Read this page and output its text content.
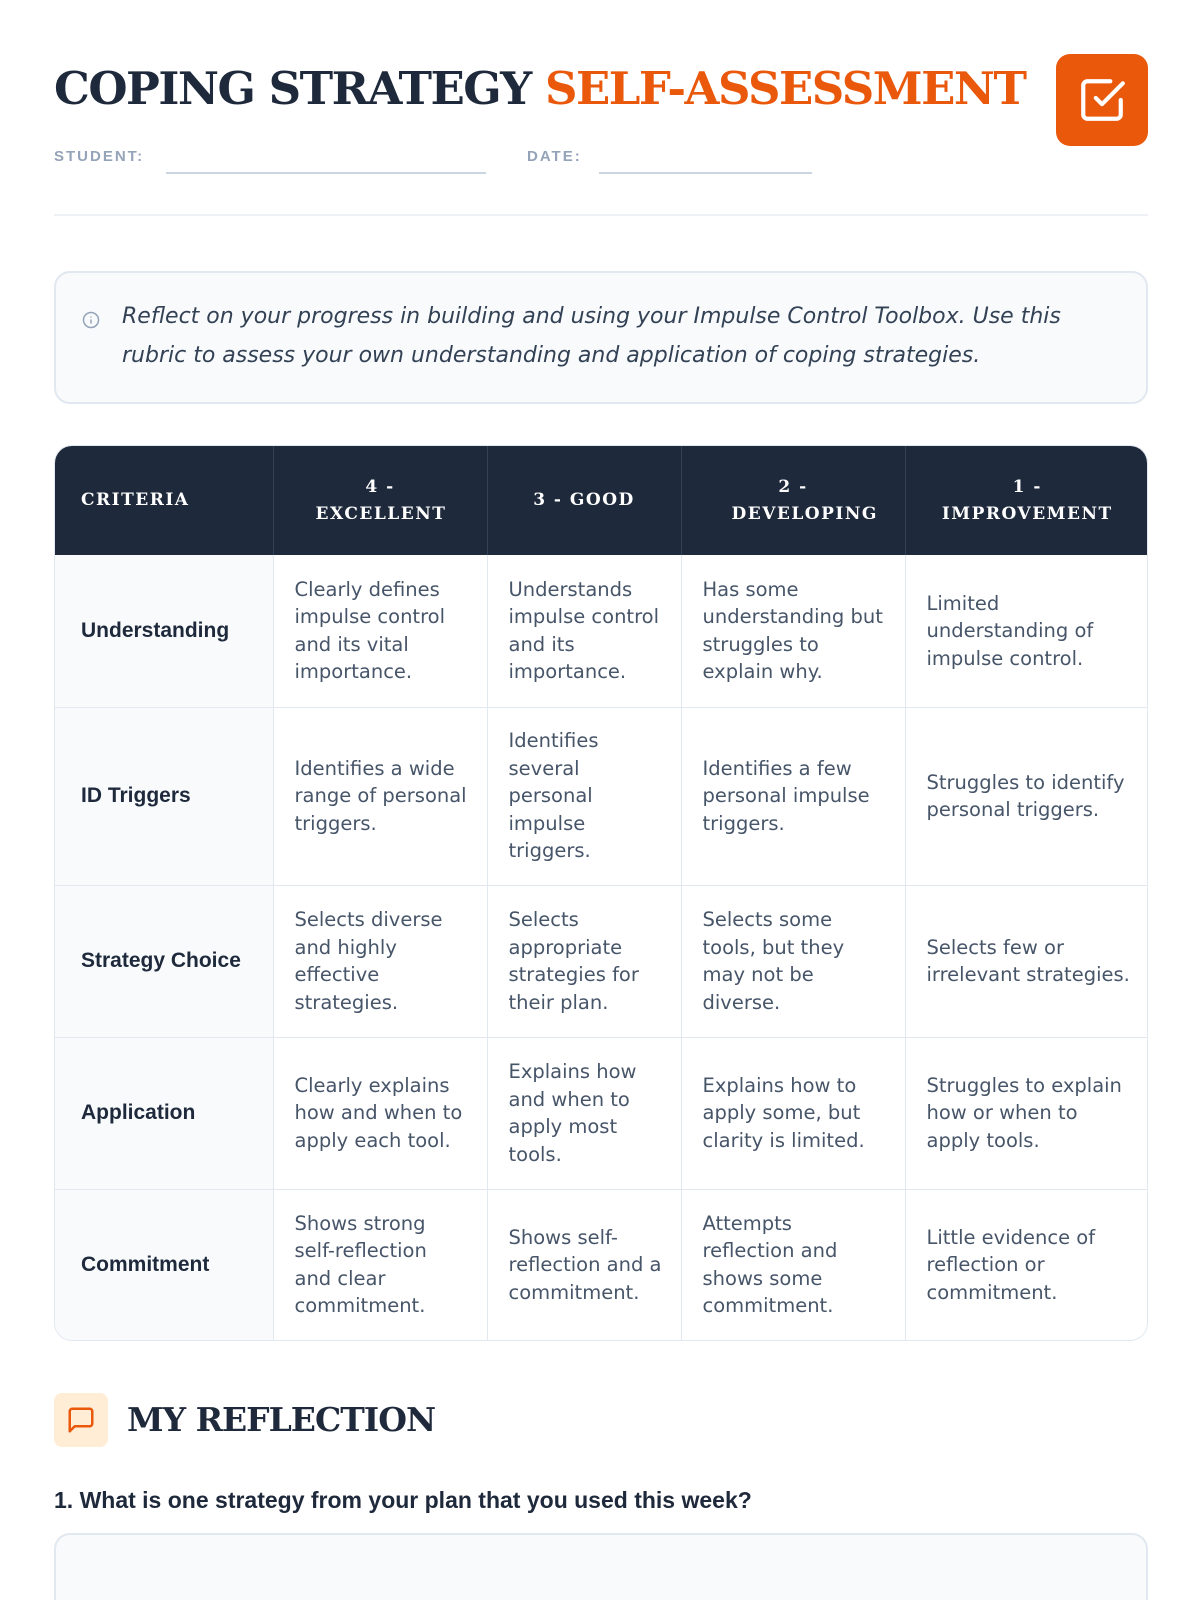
COPING STRATEGY SELF-ASSESSMENT
STUDENT:	DATE:
Reflect on your progress in building and using your Impulse Control Toolbox. Use this rubric to assess your own understanding and application of coping strategies.
CRITERIA	4 - EXCELLENT	3 - GOOD	2 - DEVELOPING	1 - IMPROVEMENT
Understanding	Clearly defines impulse control and its vital importance.	Understands impulse control and its importance.	Has some understanding but struggles to explain why.	Limited understanding of impulse control.
ID Triggers	Identifies a wide range of personal triggers.	Identifies several personal impulse triggers.	Identifies a few personal impulse triggers.	Struggles to identify personal triggers.
Strategy Choice	Selects diverse and highly effective strategies.	Selects appropriate strategies for their plan.	Selects some tools, but they may not be diverse.	Selects few or irrelevant strategies.
Application	Clearly explains how and when to apply each tool.	Explains how and when to apply most tools.	Explains how to apply some, but clarity is limited.	Struggles to explain how or when to apply tools.
Commitment	Shows strong self-reflection and clear commitment.	Shows self-reflection and a commitment.	Attempts reflection and shows some commitment.	Little evidence of reflection or commitment.
MY REFLECTION
1. What is one strategy from your plan that you used this week?
